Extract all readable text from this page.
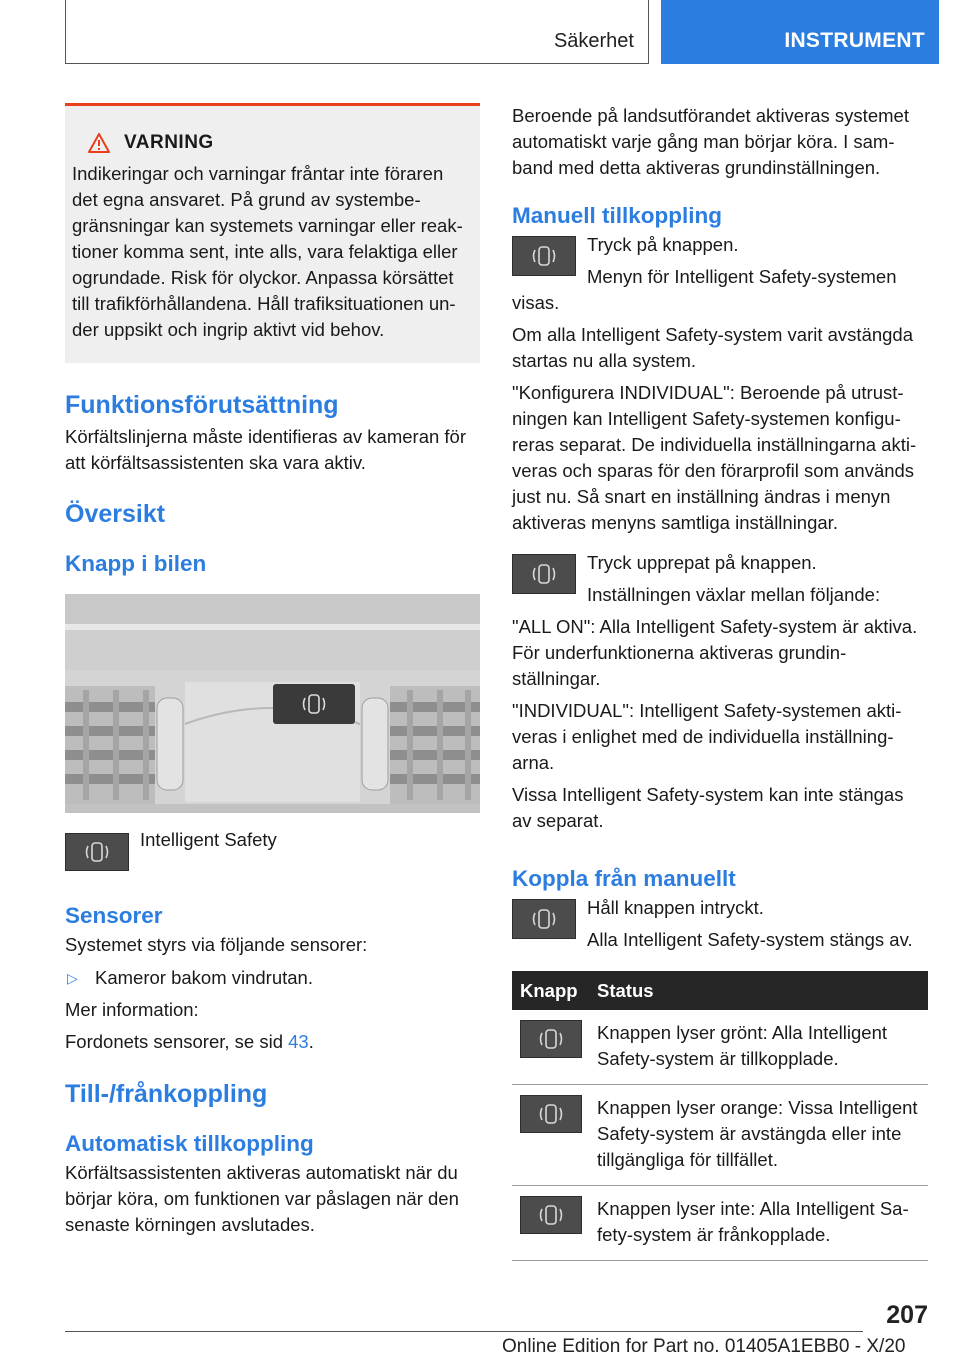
Säkerhet	INSTRUMENT
VARNING

Indikeringar och varningar fråntar inte föraren det egna ansvaret. På grund av systembegränsningar kan systemets varningar eller reaktioner komma sent, inte alls, vara felaktiga eller ogrundade. Risk för olyckor. Anpassa körsättet till trafikförhållandena. Håll trafiksituationen under uppsikt och ingrip aktivt vid behov.

Funktionsförutsättning

Körfältslinjerna måste identifieras av kameran för att körfältsassistenten ska vara aktiv.

Översikt
Knapp i bilen

Intelligent Safety

Sensorer

Systemet styrs via följande sensorer:

▷ Kameror bakom vindrutan.

Mer information:

Fordonets sensorer, se sid 43.

Till-/frånkoppling
Automatisk tillkoppling

Körfältsassistenten aktiveras automatiskt när du börjar köra, om funktionen var påslagen när den senaste körningen avslutades.

Beroende på landsutförandet aktiveras systemet automatiskt varje gång man börjar köra. I samband med detta aktiveras grundinställningen.

Manuell tillkoppling

Tryck på knappen.

Menyn för Intelligent Safety-systemen

visas.

Om alla Intelligent Safety-system varit avstängda startas nu alla system.

"Konfigurera INDIVIDUAL": Beroende på utrustningen kan Intelligent Safety-systemen konfigureras separat. De individuella inställningarna aktiveras och sparas för den förarprofil som används just nu. Så snart en inställning ändras i menyn aktiveras menyns samtliga inställningar.

Tryck upprepat på knappen.

Inställningen växlar mellan följande:

"ALL ON": Alla Intelligent Safety-system är aktiva. För underfunktionerna aktiveras grundinställningar.

"INDIVIDUAL": Intelligent Safety-systemen aktiveras i enlighet med de individuella inställningarna.

Vissa Intelligent Safety-system kan inte stängas av separat.

Koppla från manuellt

Håll knappen intryckt.

Alla Intelligent Safety-system stängs av.

Knapp	Status

	Knappen lyser grönt: Alla Intelligent Safety-system är tillkopplade.

	Knappen lyser orange: Vissa Intelligent Safety-system är avstängda eller inte tillgängliga för tillfället.

	Knappen lyser inte: Alla Intelligent Safety-system är frånkopplade.
207
Online Edition for Part no. 01405A1EBB0 - X/20
